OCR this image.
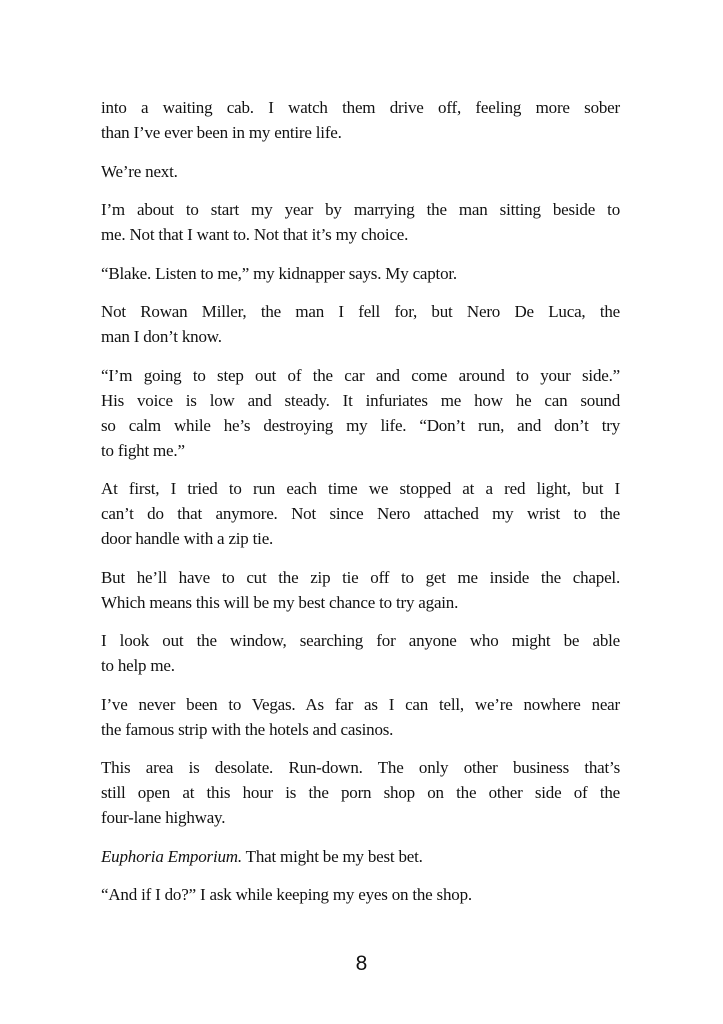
into a waiting cab. I watch them drive off, feeling more sober
than I’ve ever been in my entire life.
We’re next.
I’m about to start my year by marrying the man sitting beside to
me. Not that I want to. Not that it’s my choice.
“Blake. Listen to me,” my kidnapper says. My captor.
Not Rowan Miller, the man I fell for, but Nero De Luca, the
man I don’t know.
“I’m going to step out of the car and come around to your side.”
His voice is low and steady. It infuriates me how he can sound
so calm while he’s destroying my life. “Don’t run, and don’t try
to fight me.”
At first, I tried to run each time we stopped at a red light, but I
can’t do that anymore. Not since Nero attached my wrist to the
door handle with a zip tie.
But he’ll have to cut the zip tie off to get me inside the chapel.
Which means this will be my best chance to try again.
I look out the window, searching for anyone who might be able
to help me.
I’ve never been to Vegas. As far as I can tell, we’re nowhere near
the famous strip with the hotels and casinos.
This area is desolate. Run-down. The only other business that’s
still open at this hour is the porn shop on the other side of the
four-lane highway.
Euphoria Emporium. That might be my best bet.
“And if I do?” I ask while keeping my eyes on the shop.
8
